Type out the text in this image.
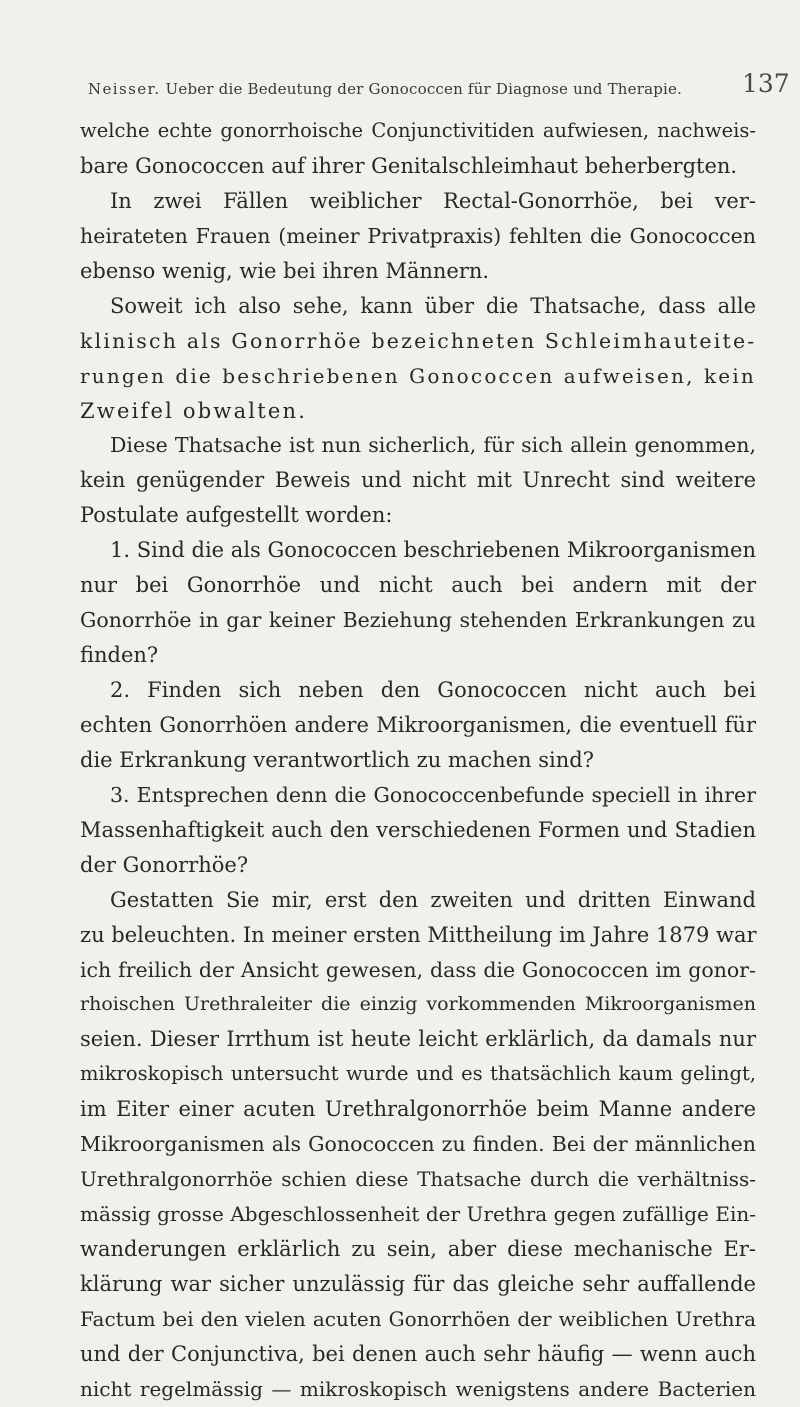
Neisser. Ueber die Bedeutung der Gonococcen für Diagnose und Therapie.	137
welche echte gonorrhoische Conjunctivitiden aufwiesen, nachweis-
bare Gonococcen auf ihrer Genitalschleimhaut beherbergten.
In zwei Fällen weiblicher Rectal-Gonorrhöe, bei ver-
heirateten Frauen (meiner Privatpraxis) fehlten die Gonococcen
ebenso wenig, wie bei ihren Männern.
Soweit ich also sehe, kann über die Thatsache, dass alle
klinisch als Gonorrhöe bezeichneten Schleimhauteite-
rungen die beschriebenen Gonococcen aufweisen, kein
Zweifel obwalten.
Diese Thatsache ist nun sicherlich, für sich allein genommen,
kein genügender Beweis und nicht mit Unrecht sind weitere
Postulate aufgestellt worden:
1. Sind die als Gonococcen beschriebenen Mikroorganismen
nur bei Gonorrhöe und nicht auch bei andern mit der
Gonorrhöe in gar keiner Beziehung stehenden Erkrankungen zu
finden?
2. Finden sich neben den Gonococcen nicht auch bei
echten Gonorrhöen andere Mikroorganismen, die eventuell für
die Erkrankung verantwortlich zu machen sind?
3. Entsprechen denn die Gonococcenbefunde speciell in ihrer
Massenhaftigkeit auch den verschiedenen Formen und Stadien
der Gonorrhöe?
Gestatten Sie mir, erst den zweiten und dritten Einwand
zu beleuchten. In meiner ersten Mittheilung im Jahre 1879 war
ich freilich der Ansicht gewesen, dass die Gonococcen im gonor-
rhoischen Urethraleiter die einzig vorkommenden Mikroorganismen
seien. Dieser Irrthum ist heute leicht erklärlich, da damals nur
mikroskopisch untersucht wurde und es thatsächlich kaum gelingt,
im Eiter einer acuten Urethralgonorrhöe beim Manne andere
Mikroorganismen als Gonococcen zu finden. Bei der männlichen
Urethralgonorrhöe schien diese Thatsache durch die verhältniss-
mässig grosse Abgeschlossenheit der Urethra gegen zufällige Ein-
wanderungen erklärlich zu sein, aber diese mechanische Er-
klärung war sicher unzulässig für das gleiche sehr auffallende
Factum bei den vielen acuten Gonorrhöen der weiblichen Urethra
und der Conjunctiva, bei denen auch sehr häufig — wenn auch
nicht regelmässig — mikroskopisch wenigstens andere Bacterien
